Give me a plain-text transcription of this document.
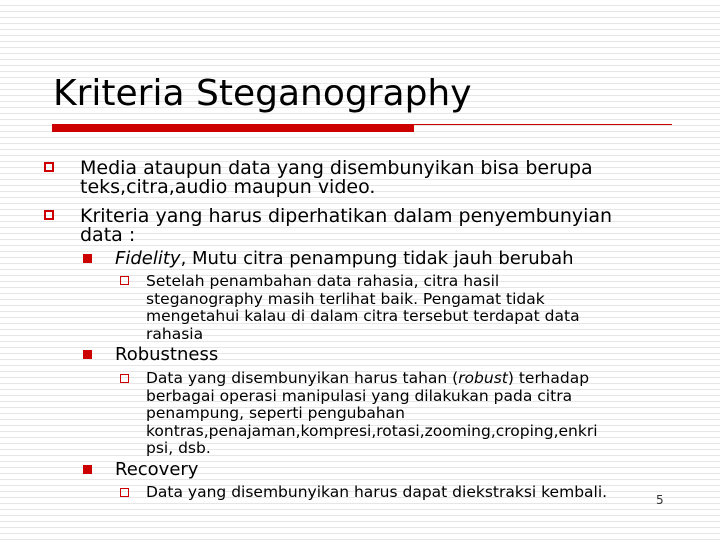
Kriteria Steganography
Media ataupun data yang disembunyikan bisa berupa
teks,citra,audio maupun video.
Kriteria yang harus diperhatikan dalam penyembunyian
data :
Fidelity, Mutu citra penampung tidak jauh berubah
Setelah penambahan data rahasia, citra hasil
steganography masih terlihat baik. Pengamat tidak
mengetahui kalau di dalam citra tersebut terdapat data
rahasia
Robustness
Data yang disembunyikan harus tahan (robust) terhadap
berbagai operasi manipulasi yang dilakukan pada citra
penampung, seperti pengubahan
kontras,penajaman,kompresi,rotasi,zooming,croping,enkri
psi, dsb.
Recovery
Data yang disembunyikan harus dapat diekstraksi kembali.	5
